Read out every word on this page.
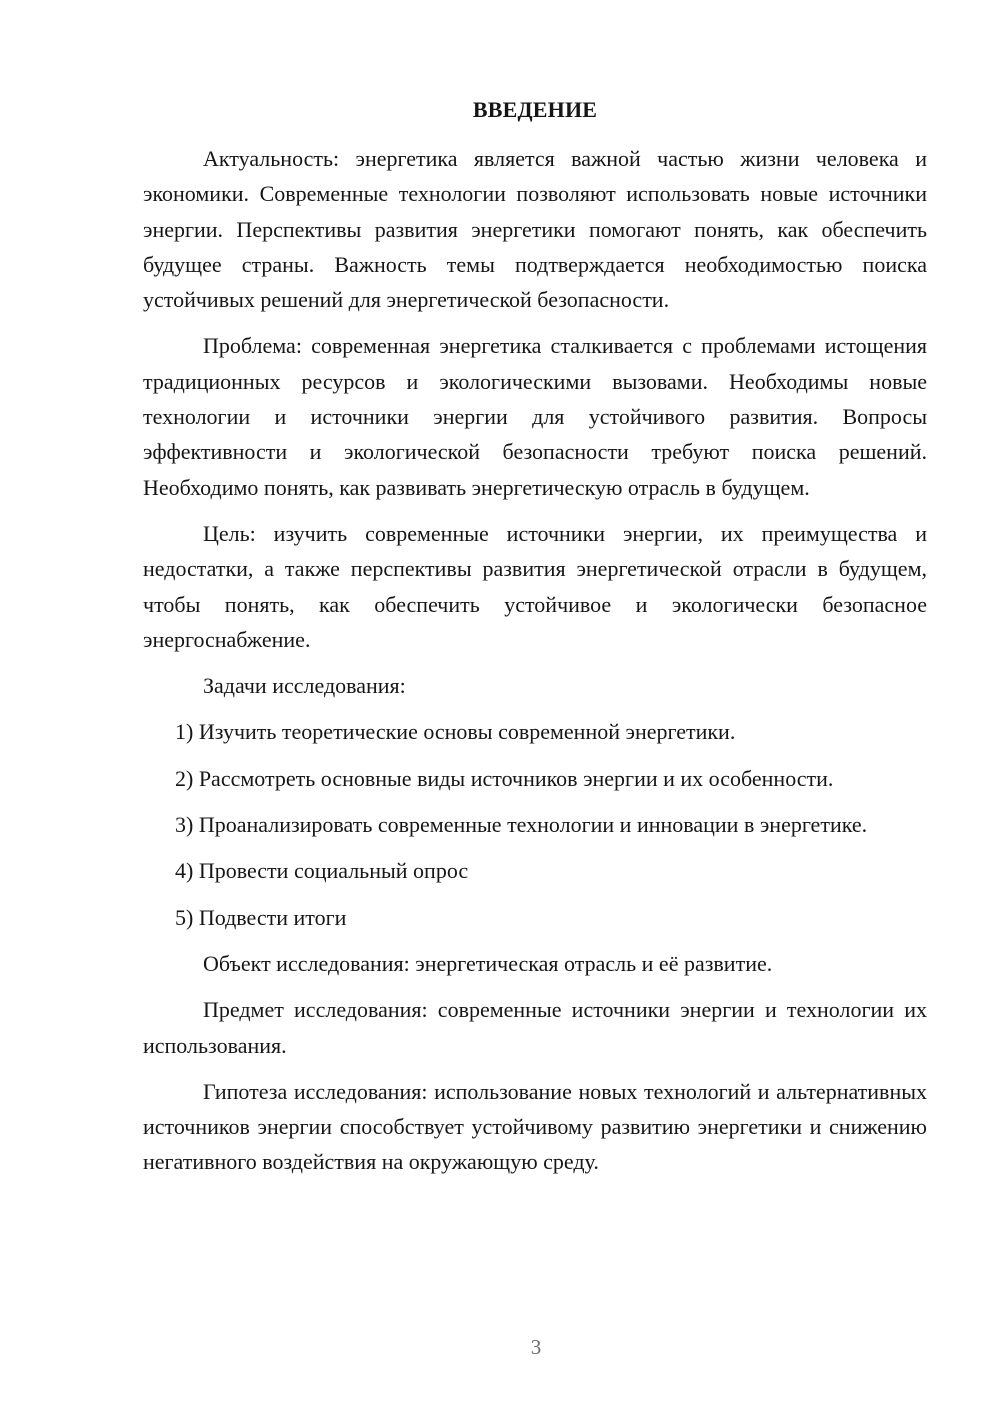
ВВЕДЕНИЕ

Актуальность: энергетика является важной частью жизни человека и экономики. Современные технологии позволяют использовать новые источники энергии. Перспективы развития энергетики помогают понять, как обеспечить будущее страны. Важность темы подтверждается необходимостью поиска устойчивых решений для энергетической безопасности.

Проблема: современная энергетика сталкивается с проблемами истощения традиционных ресурсов и экологическими вызовами. Необходимы новые технологии и источники энергии для устойчивого развития. Вопросы эффективности и экологической безопасности требуют поиска решений. Необходимо понять, как развивать энергетическую отрасль в будущем.

Цель: изучить современные источники энергии, их преимущества и недостатки, а также перспективы развития энергетической отрасли в будущем, чтобы понять, как обеспечить устойчивое и экологически безопасное энергоснабжение.

Задачи исследования:

1) Изучить теоретические основы современной энергетики.

2) Рассмотреть основные виды источников энергии и их особенности.

3) Проанализировать современные технологии и инновации в энергетике.

4) Провести социальный опрос

5) Подвести итоги

Объект исследования: энергетическая отрасль и её развитие.

Предмет исследования: современные источники энергии и технологии их использования.

Гипотеза исследования: использование новых технологий и альтернативных источников энергии способствует устойчивому развитию энергетики и снижению негативного воздействия на окружающую среду.

3
